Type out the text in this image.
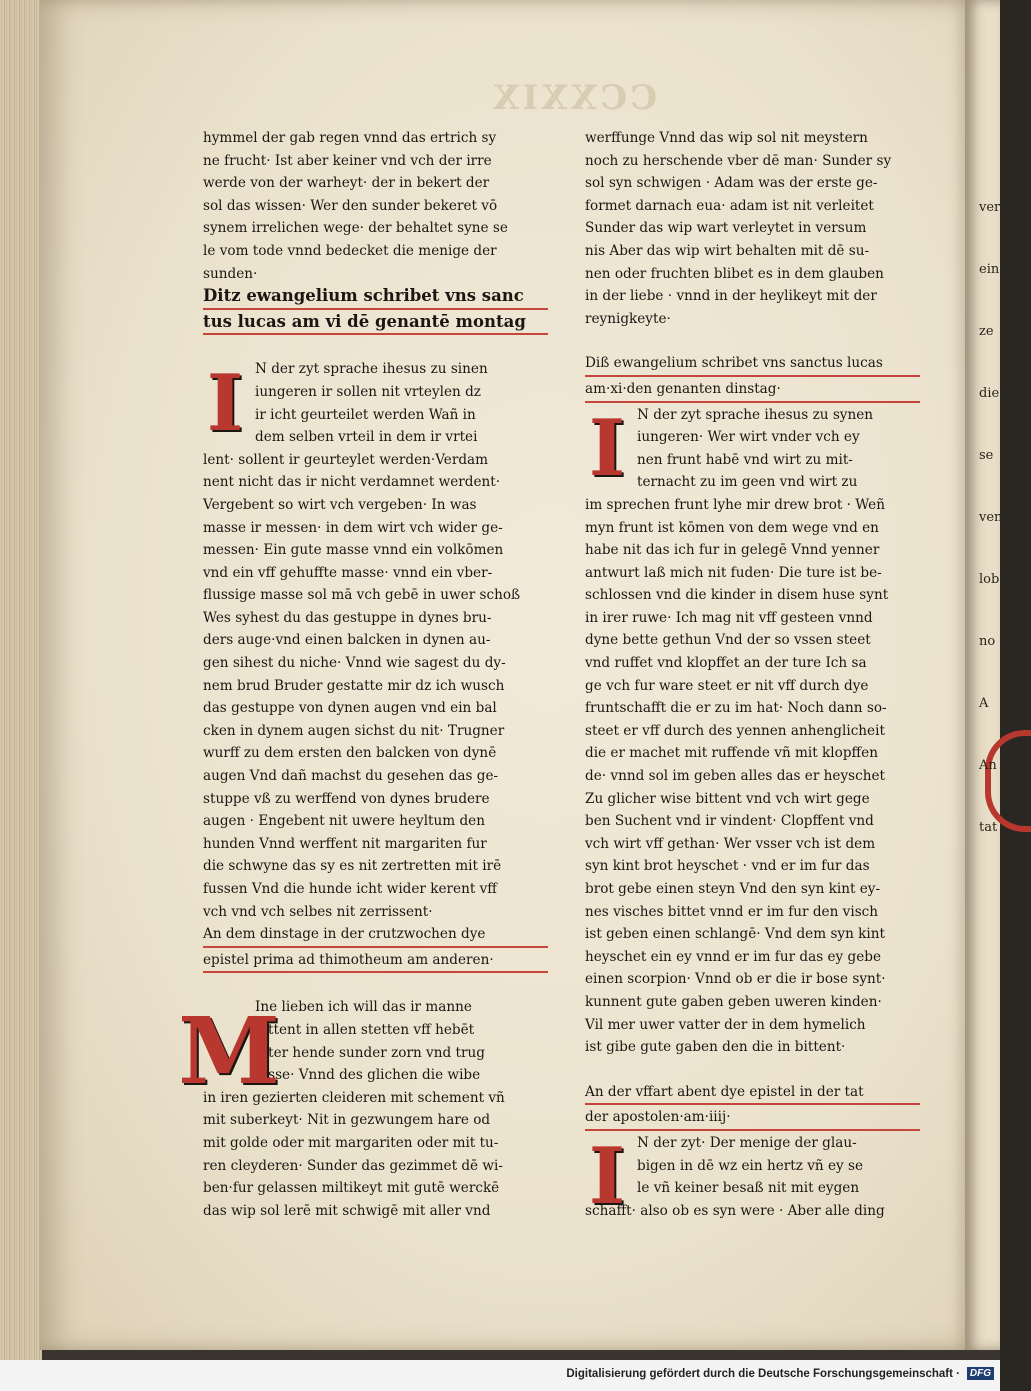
ver
ein
ze
die
se
ven
lob
no
A
An
tat
CCXXIX
hymmel der gab regen vnnd das ertrich sy
ne frucht· Ist aber keiner vnd vch der irre
werde von der warheyt· der in bekert der
sol das wissen· Wer den sunder bekeret vō
synem irrelichen wege· der behaltet syne se
le vom tode vnnd bedecket die menige der
sunden·
Ditz ewangelium schribet vns sanc
tus lucas am vi dē genantē montag
I N der zyt sprache ihesus zu sinen
iungeren ir sollen nit vrteylen dz
ir icht geurteilet werden Wañ in
dem selben vrteil in dem ir vrtei
lent· sollent ir geurteylet werden·Verdam
nent nicht das ir nicht verdamnet werdent·
Vergebent so wirt vch vergeben· In was
masse ir messen· in dem wirt vch wider ge-
messen· Ein gute masse vnnd ein volkōmen
vnd ein vff gehuffte masse· vnnd ein vber-
flussige masse sol mā vch gebē in uwer schoß
Wes syhest du das gestuppe in dynes bru-
ders auge·vnd einen balcken in dynen au-
gen sihest du niche· Vnnd wie sagest du dy-
nem brud Bruder gestatte mir dz ich wusch
das gestuppe von dynen augen vnd ein bal
cken in dynem augen sichst du nit· Trugner
wurff zu dem ersten den balcken von dynē
augen Vnd dañ machst du gesehen das ge-
stuppe vß zu werffend von dynes brudere
augen · Engebent nit uwere heyltum den
hunden Vnnd werffent nit margariten fur
die schwyne das sy es nit zertretten mit irē
fussen Vnd die hunde icht wider kerent vff
vch vnd vch selbes nit zerrissent·
An dem dinstage in der crutzwochen dye
epistel prima ad thimotheum am anderen·
M
Ine lieben ich will das ir manne
bittent in allen stetten vff hebēt
luter hende sunder zorn vnd trug
nisse· Vnnd des glichen die wibe
in iren gezierten cleideren mit schement vñ
mit suberkeyt· Nit in gezwungem hare od
mit golde oder mit margariten oder mit tu-
ren cleyderen· Sunder das gezimmet dē wi-
ben·fur gelassen miltikeyt mit gutē werckē
das wip sol lerē mit schwigē mit aller vnd
werffunge Vnnd das wip sol nit meystern
noch zu herschende vber dē man· Sunder sy
sol syn schwigen · Adam was der erste ge-
formet darnach eua· adam ist nit verleitet
Sunder das wip wart verleytet in versum
nis Aber das wip wirt behalten mit dē su-
nen oder fruchten blibet es in dem glauben
in der liebe · vnnd in der heylikeyt mit der
reynigkeyte·
Diß ewangelium schribet vns sanctus lucas
am·xi·den genanten dinstag·
I N der zyt sprache ihesus zu synen
iungeren· Wer wirt vnder vch ey
nen frunt habē vnd wirt zu mit-
ternacht zu im geen vnd wirt zu
im sprechen frunt lyhe mir drew brot · Weñ
myn frunt ist kōmen von dem wege vnd en
habe nit das ich fur in gelegē Vnnd yenner
antwurt laß mich nit fuden· Die ture ist be-
schlossen vnd die kinder in disem huse synt
in irer ruwe· Ich mag nit vff gesteen vnnd
dyne bette gethun Vnd der so vssen steet
vnd ruffet vnd klopffet an der ture Ich sa
ge vch fur ware steet er nit vff durch dye
fruntschafft die er zu im hat· Noch dann so-
steet er vff durch des yennen anhenglicheit
die er machet mit ruffende vñ mit klopffen
de· vnnd sol im geben alles das er heyschet
Zu glicher wise bittent vnd vch wirt gege
ben Suchent vnd ir vindent· Clopffent vnd
vch wirt vff gethan· Wer vsser vch ist dem
syn kint brot heyschet · vnd er im fur das
brot gebe einen steyn Vnd den syn kint ey-
nes visches bittet vnnd er im fur den visch
ist geben einen schlangē· Vnd dem syn kint
heyschet ein ey vnnd er im fur das ey gebe
einen scorpion· Vnnd ob er die ir bose synt·
kunnent gute gaben geben uweren kinden·
Vil mer uwer vatter der in dem hymelich
ist gibe gute gaben den die in bittent·
An der vffart abent dye epistel in der tat
der apostolen·am·iiij·
I N der zyt· Der menige der glau-
bigen in dē wz ein hertz vñ ey se
le vñ keiner besaß nit mit eygen
schafft· also ob es syn were · Aber alle ding
Digitalisierung gefördert durch die Deutsche Forschungsgemeinschaft · DFG
